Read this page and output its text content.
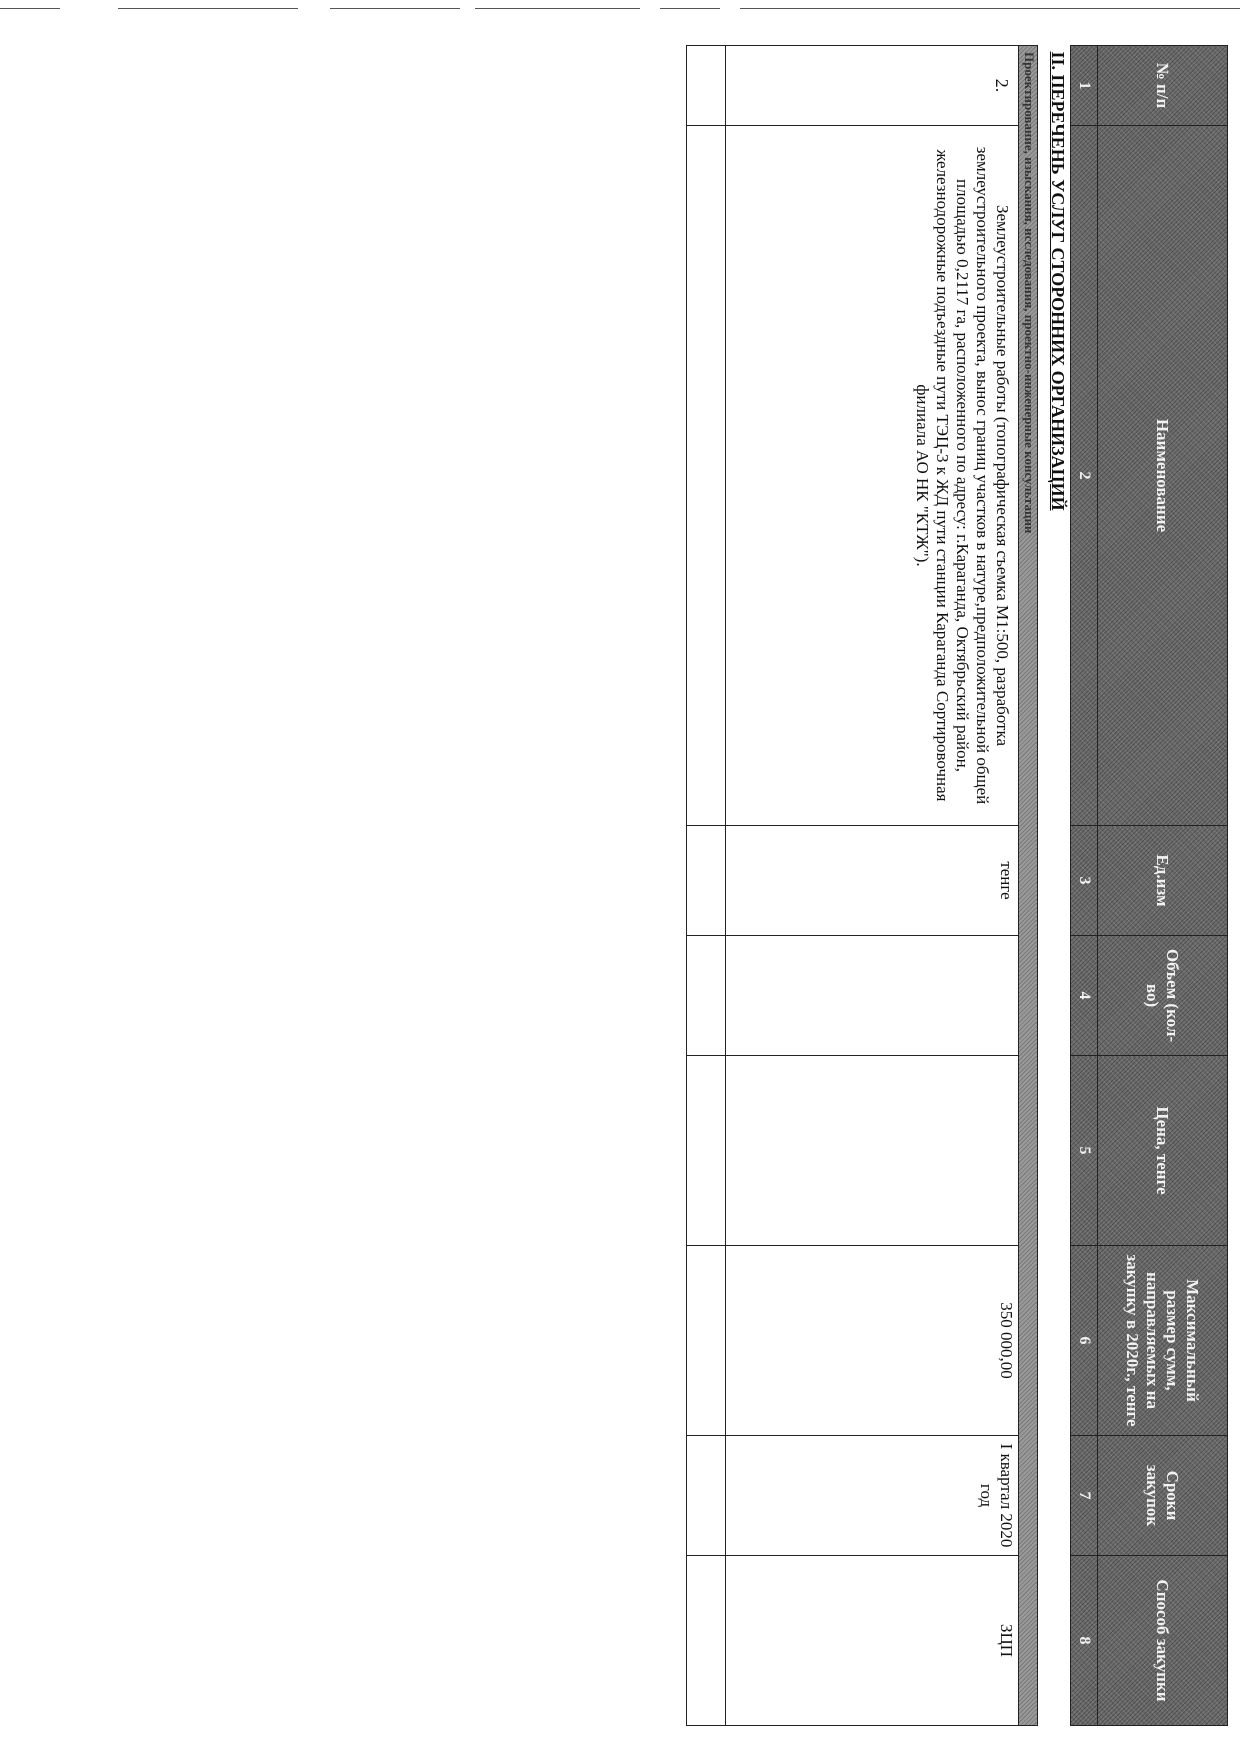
№ п/п	Наименование	Ед.изм	Объем (кол-во)	Цена, тенге	Максимальный размер сумм, направляемых на закупку в 2020г., тенге	Сроки закупок	Способ закупки
1	2	3	4	5	6	7	8
II. ПЕРЕЧЕНЬ УСЛУГ СТОРОННИХ ОРГАНИЗАЦИЙ							
Проектирование, изыскания, исследования, проектно-инженерные консультации							
2.	Землеустроительные работы (топографическая съемка М1:500, разработка землеустроительного проекта, вынос границ участков в натуре,предположительной общей площадью 0,2117 га, расположенного по адресу: г.Караганда, Октябрьский район, железнодорожные подъездные пути ТЭЦ-3 к ЖД пути станции Караганда Сортировочная филиала АО НК "КТЖ").	тенге			350 000,00	I квартал 2020 год	ЗЦП
